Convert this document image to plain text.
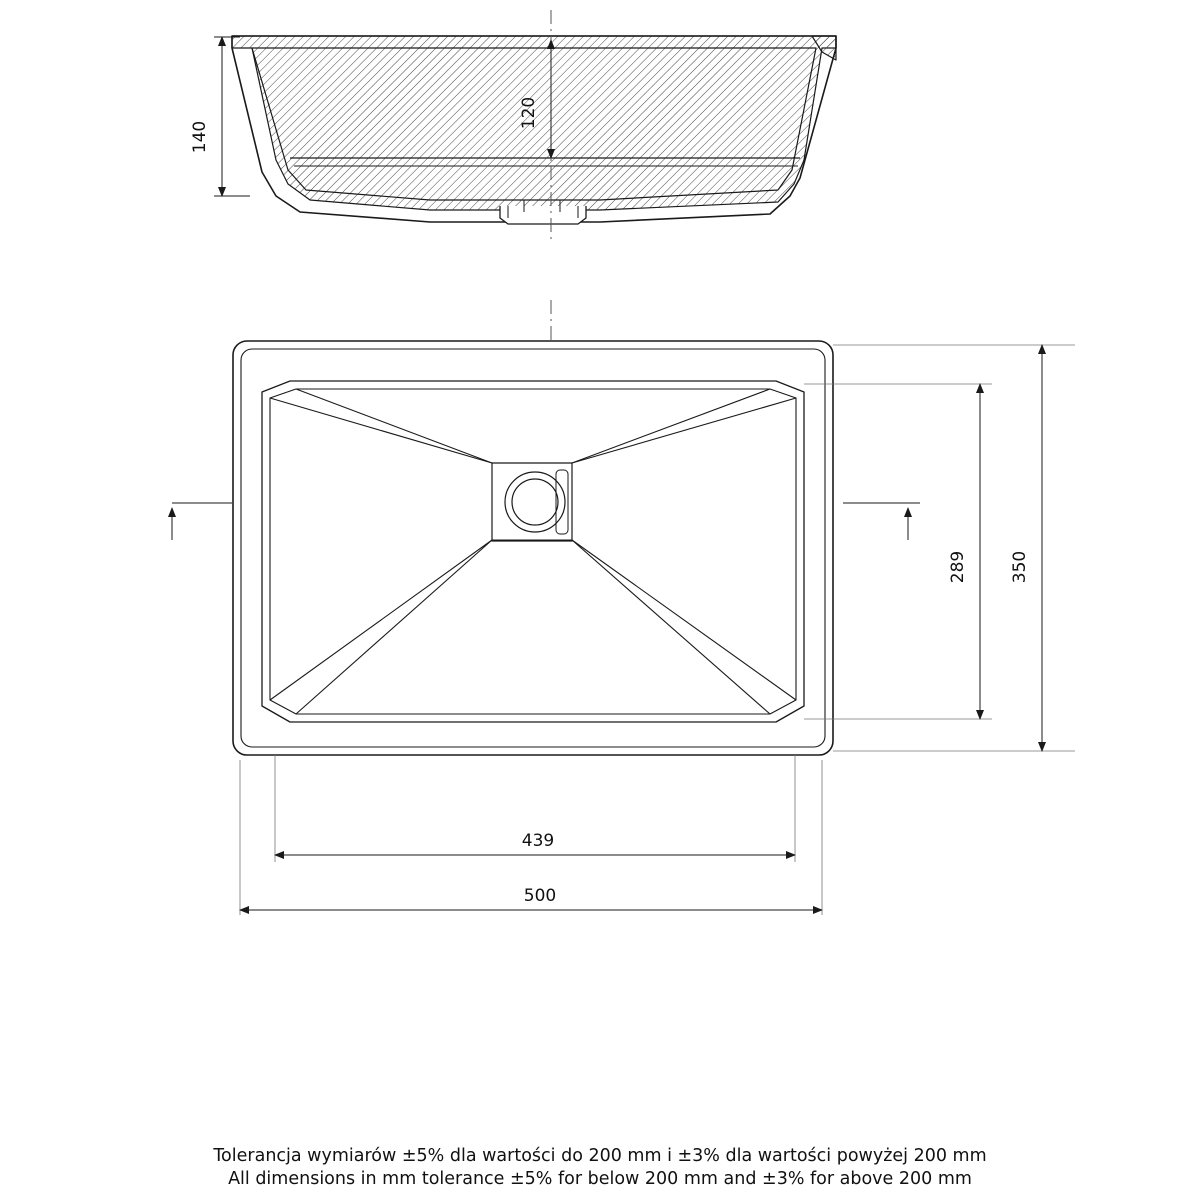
140
120
350
289
439
500
Tolerancja wymiarów ±5% dla wartości do 200 mm i ±3% dla wartości powyżej 200 mm
All dimensions in mm tolerance ±5% for below 200 mm and ±3% for above 200 mm
